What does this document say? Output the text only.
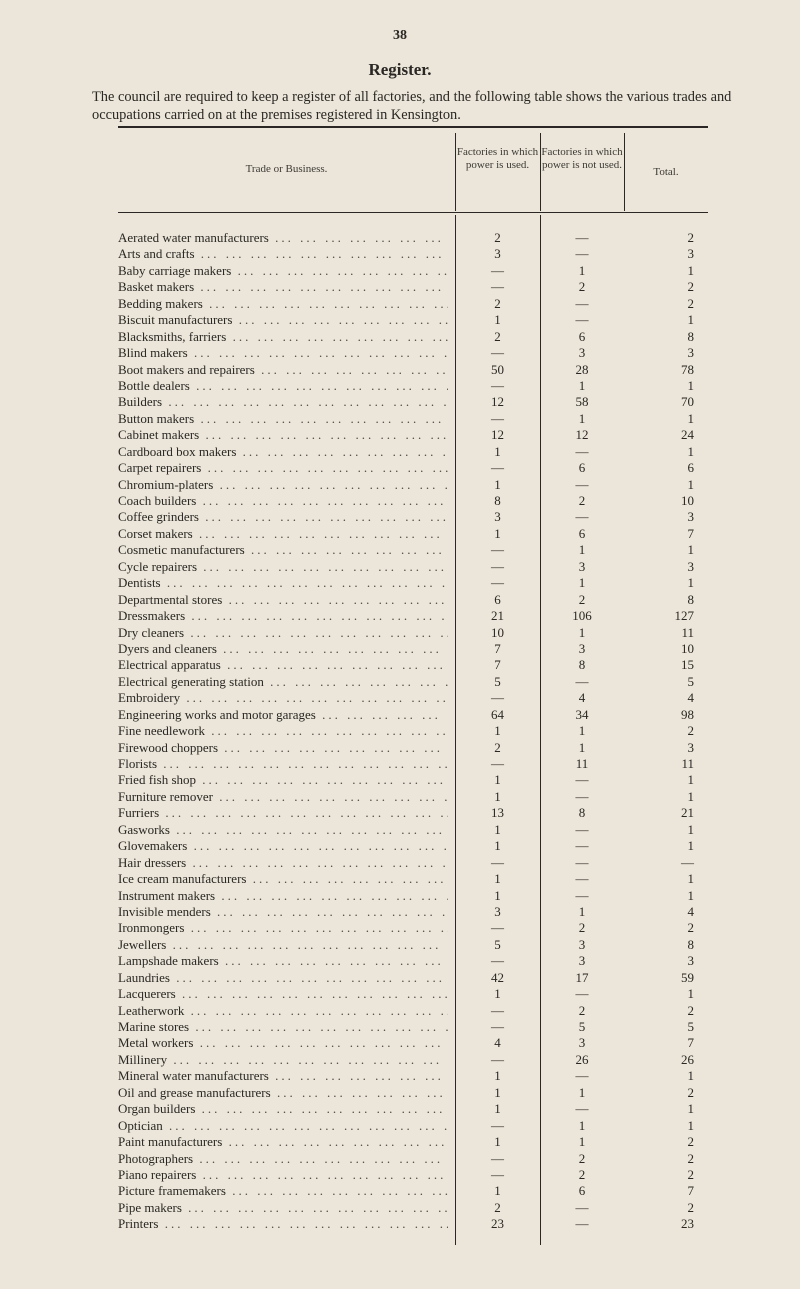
38
Register.
The council are required to keep a register of all factories, and the following table shows the various trades and occupations carried on at the premises registered in Kensington.
Trade or Business.
Factories in which power is used.
Factories in which power is not used.
Total.
Aerated water manufacturers ... .	2	—	2
Arts and crafts ... .	3	—	3
Baby carriage makers ... .	—	1	1
Basket makers ... .	—	2	2
Bedding makers ... .	2	—	2
Biscuit manufacturers ... .	1	—	1
Blacksmiths, farriers ... .	2	6	8
Blind makers ... .	—	3	3
Boot makers and repairers ... .	50	28	78
Bottle dealers ... .	—	1	1
Builders ... .	12	58	70
Button makers ... .	—	1	1
Cabinet makers ... .	12	12	24
Cardboard box makers ... .	1	—	1
Carpet repairers ... .	—	6	6
Chromium-platers ... .	1	—	1
Coach builders ... .	8	2	10
Coffee grinders ... .	3	—	3
Corset makers ... .	1	6	7
Cosmetic manufacturers ... .	—	1	1
Cycle repairers ... .	—	3	3
Dentists ... .	—	1	1
Departmental stores ... .	6	2	8
Dressmakers ... .	21	106	127
Dry cleaners ... .	10	1	11
Dyers and cleaners ... .	7	3	10
Electrical apparatus ... .	7	8	15
Electrical generating station ... .	5	—	5
Embroidery ... .	—	4	4
Engineering works and motor garages ... .	64	34	98
Fine needlework ... .	1	1	2
Firewood choppers ... .	2	1	3
Florists ... .	—	11	11
Fried fish shop ... .	1	—	1
Furniture remover ... .	1	—	1
Furriers ... .	13	8	21
Gasworks ... .	1	—	1
Glovemakers ... .	1	—	1
Hair dressers ... .	—	—	—
Ice cream manufacturers ... .	1	—	1
Instrument makers ... .	1	—	1
Invisible menders ... .	3	1	4
Ironmongers ... .	—	2	2
Jewellers ... .	5	3	8
Lampshade makers ... .	—	3	3
Laundries ... .	42	17	59
Lacquerers ... .	1	—	1
Leatherwork ... .	—	2	2
Marine stores ... .	—	5	5
Metal workers ... .	4	3	7
Millinery ... .	—	26	26
Mineral water manufacturers ... .	1	—	1
Oil and grease manufacturers ... .	1	1	2
Organ builders ... .	1	—	1
Optician ... .	—	1	1
Paint manufacturers ... .	1	1	2
Photographers ... .	—	2	2
Piano repairers ... .	—	2	2
Picture framemakers ... .	1	6	7
Pipe makers ... .	2	—	2
Printers ... .	23	—	23
